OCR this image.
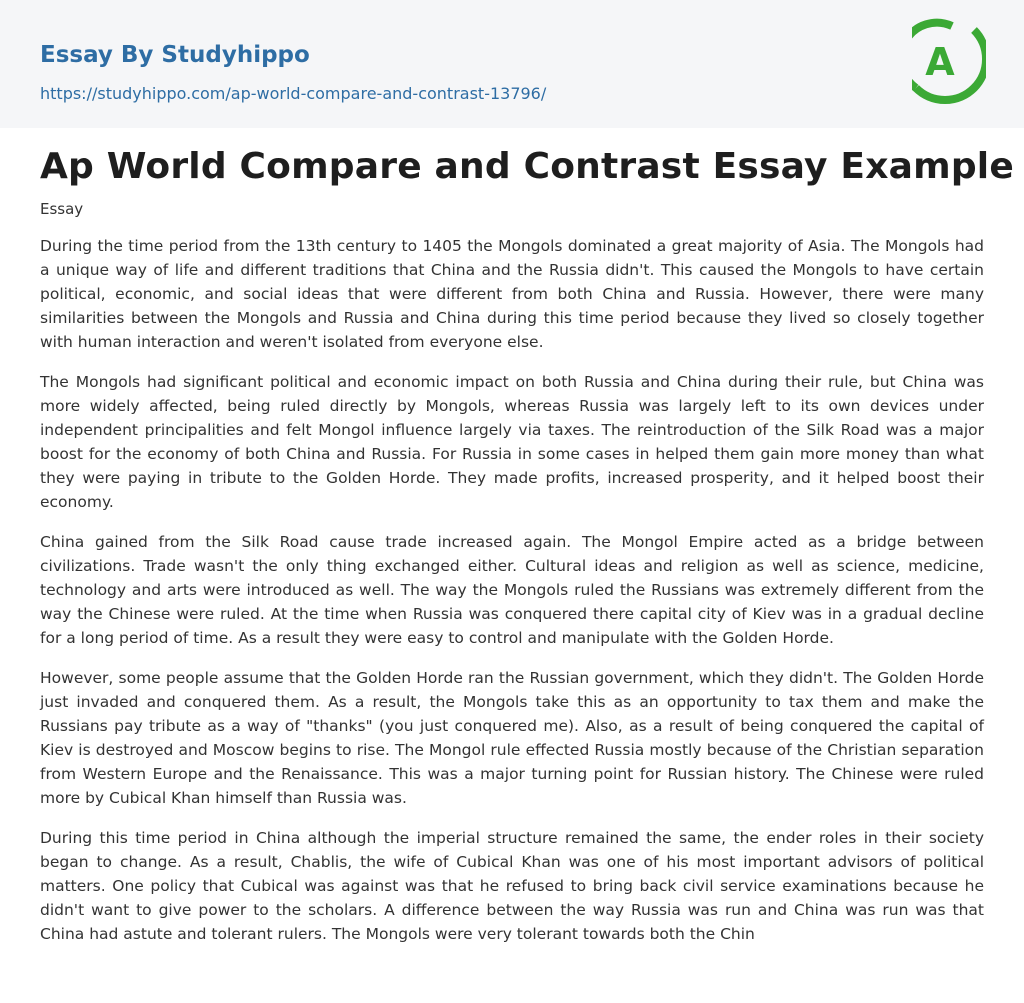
Essay By Studyhippo
https://studyhippo.com/ap-world-compare-and-contrast-13796/
A
Ap World Compare and Contrast Essay Example
Essay

During the time period from the 13th century to 1405 the Mongols dominated a great majority of Asia. The Mongols had a unique way of life and different traditions that China and the Russia didn't. This caused the Mongols to have certain political, economic, and social ideas that were different from both China and Russia. However, there were many similarities between the Mongols and Russia and China during this time period because they lived so closely together with human interaction and weren't isolated from everyone else.

The Mongols had significant political and economic impact on both Russia and China during their rule, but China was more widely affected, being ruled directly by Mongols, whereas Russia was largely left to its own devices under independent principalities and felt Mongol influence largely via taxes. The reintroduction of the Silk Road was a major boost for the economy of both China and Russia. For Russia in some cases in helped them gain more money than what they were paying in tribute to the Golden Horde. They made profits, increased prosperity, and it helped boost their economy.

China gained from the Silk Road cause trade increased again. The Mongol Empire acted as a bridge between civilizations. Trade wasn't the only thing exchanged either. Cultural ideas and religion as well as science, medicine, technology and arts were introduced as well. The way the Mongols ruled the Russians was extremely different from the way the Chinese were ruled. At the time when Russia was conquered there capital city of Kiev was in a gradual decline for a long period of time. As a result they were easy to control and manipulate with the Golden Horde.

However, some people assume that the Golden Horde ran the Russian government, which they didn't. The Golden Horde just invaded and conquered them. As a result, the Mongols take this as an opportunity to tax them and make the Russians pay tribute as a way of "thanks" (you just conquered me). Also, as a result of being conquered the capital of Kiev is destroyed and Moscow begins to rise. The Mongol rule effected Russia mostly because of the Christian separation from Western Europe and the Renaissance. This was a major turning point for Russian history. The Chinese were ruled more by Cubical Khan himself than Russia was.

During this time period in China although the imperial structure remained the same, the ender roles in their society began to change. As a result, Chablis, the wife of Cubical Khan was one of his most important advisors of political matters. One policy that Cubical was against was that he refused to bring back civil service examinations because he didn't want to give power to the scholars. A difference between the way Russia was run and China was run was that China had astute and tolerant rulers. The Mongols were very tolerant towards both the Chin
